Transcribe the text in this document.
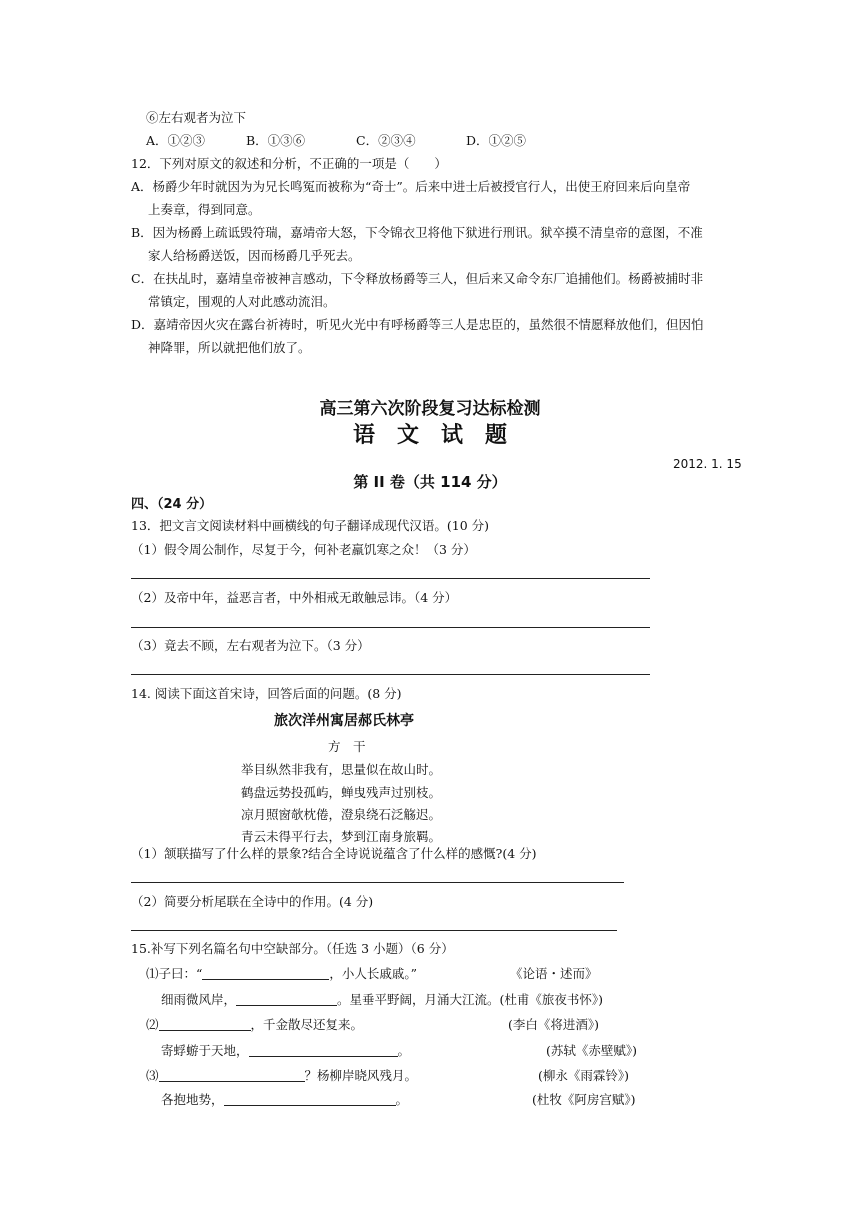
⑥左右观者为泣下
A．①②③	B．①③⑥	C．②③④	D．①②⑤
12．下列对原文的叙述和分析，不正确的一项是（　　）
A．杨爵少年时就因为为兄长鸣冤而被称为“奇士”。后来中进士后被授官行人，出使王府回来后向皇帝
上奏章，得到同意。
B．因为杨爵上疏诋毁符瑞，嘉靖帝大怒，下令锦衣卫将他下狱进行刑讯。狱卒摸不清皇帝的意图，不准
家人给杨爵送饭，因而杨爵几乎死去。
C．在扶乩时，嘉靖皇帝被神言感动，下令释放杨爵等三人，但后来又命令东厂追捕他们。杨爵被捕时非
常镇定，围观的人对此感动流泪。
D．嘉靖帝因火灾在露台祈祷时，听见火光中有呼杨爵等三人是忠臣的，虽然很不情愿释放他们，但因怕
神降罪，所以就把他们放了。
高三第六次阶段复习达标检测
语文试题
2012. 1. 15
第 II 卷（共 114 分）
四、（24 分）
13．把文言文阅读材料中画横线的句子翻译成现代汉语。(10 分)
（1）假令周公制作，尽复于今，何补老羸饥寒之众！（3 分）
（2）及帝中年，益恶言者，中外相戒无敢触忌讳。（4 分）
（3）竟去不顾，左右观者为泣下。（3 分）
14. 阅读下面这首宋诗，回答后面的问题。(8 分)
旅次洋州寓居郝氏林亭
方　干
举目纵然非我有，思量似在故山时。
鹤盘远势投孤屿，蝉曳残声过别枝。
凉月照窗欹枕倦，澄泉绕石泛觞迟。
青云未得平行去，梦到江南身旅羁。
（1）颔联描写了什么样的景象?结合全诗说说蕴含了什么样的感慨?(4 分)
（2）简要分析尾联在全诗中的作用。(4 分)
15.补写下列名篇名句中空缺部分。（任选 3 小题）（6 分）
⑴子曰：“	，小人长戚戚。”	《论语・述而》
细雨微风岸，	。星垂平野阔，月涌大江流。(杜甫《旅夜书怀》)
⑵	，千金散尽还复来。	(李白《将进酒》)
寄蜉蝣于天地，	。	(苏轼《赤壁赋》)
⑶	？杨柳岸晓风残月。	(柳永《雨霖铃》)
各抱地势，	。	(杜牧《阿房宫赋》)
